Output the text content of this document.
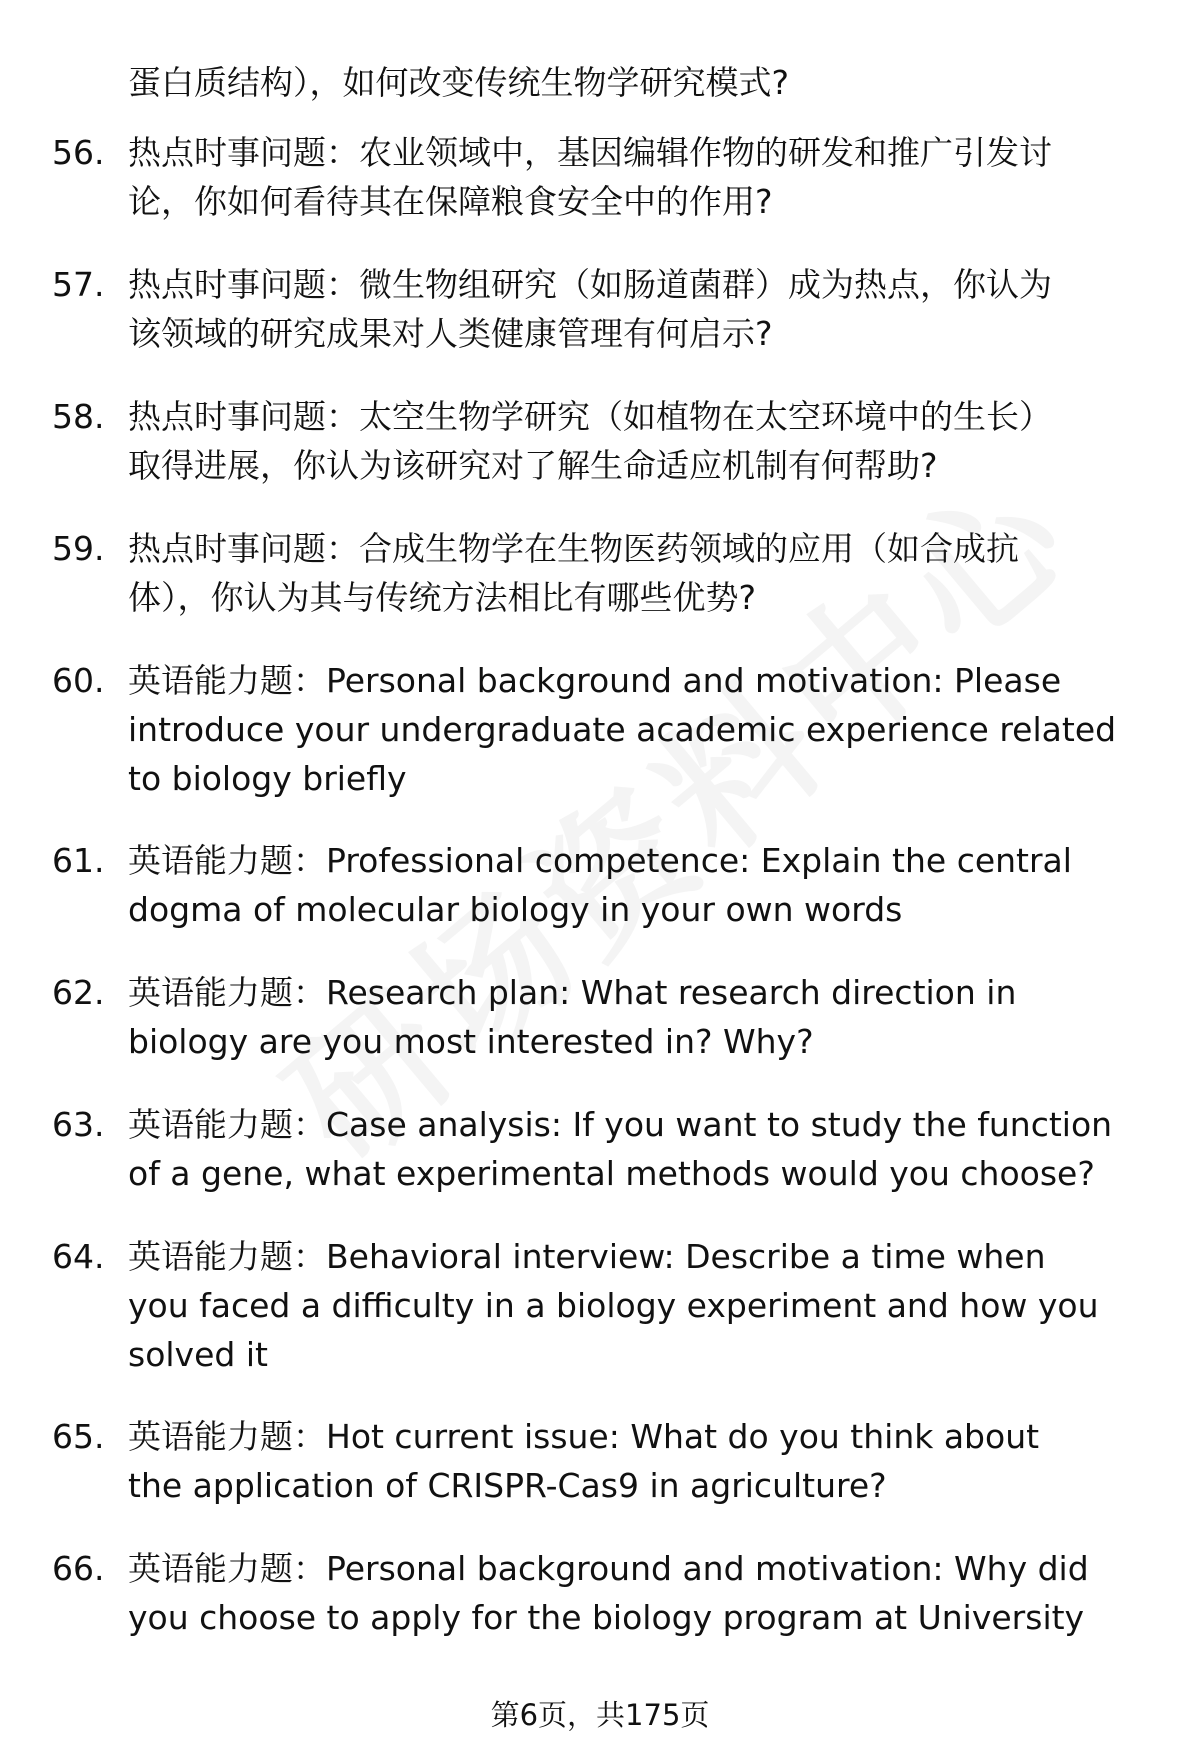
蛋白质结构），如何改变传统生物学研究模式?
56. 热点时事问题：农业领域中，基因编辑作物的研发和推广引发讨
论，你如何看待其在保障粮食安全中的作用?
57. 热点时事问题：微生物组研究（如肠道菌群）成为热点，你认为
该领域的研究成果对人类健康管理有何启示?
58. 热点时事问题：太空生物学研究（如植物在太空环境中的生长）
取得进展，你认为该研究对了解生命适应机制有何帮助?
59. 热点时事问题：合成生物学在生物医药领域的应用（如合成抗
体），你认为其与传统方法相比有哪些优势?
60. 英语能力题：Personal background and motivation: Please
introduce your undergraduate academic experience related
to biology briefly
61. 英语能力题：Professional competence: Explain the central
dogma of molecular biology in your own words
62. 英语能力题：Research plan: What research direction in
biology are you most interested in? Why?
63. 英语能力题：Case analysis: If you want to study the function
of a gene, what experimental methods would you choose?
64. 英语能力题：Behavioral interview: Describe a time when
you faced a difficulty in a biology experiment and how you
solved it
65. 英语能力题：Hot current issue: What do you think about
the application of CRISPR-Cas9 in agriculture?
66. 英语能力题：Personal background and motivation: Why did
you choose to apply for the biology program at University
第6页，共175页
